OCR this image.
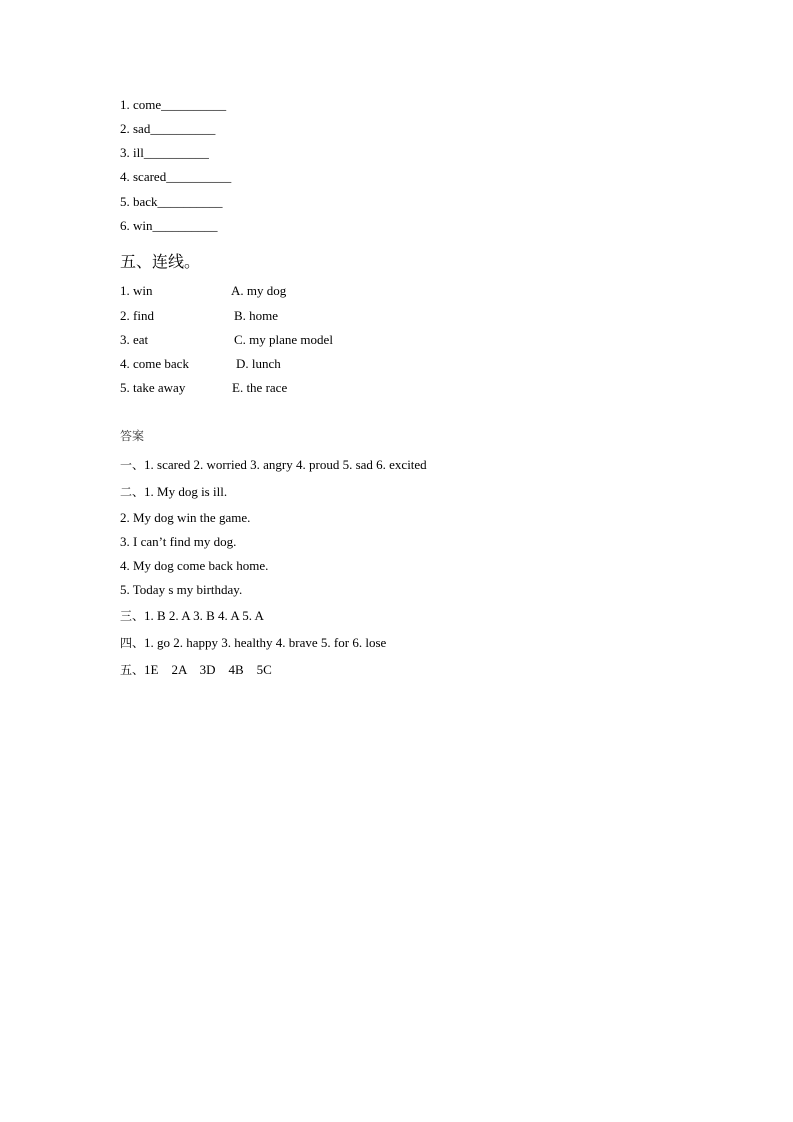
1. come__________
2. sad__________
3. ill__________
4. scared__________
5. back__________
6. win__________
五、连线。
1. win
2. find
3. eat
4. come back
5. take away
A. my dog
B. home
C. my plane model
D. lunch
E. the race
答案
一、1. scared 2. worried 3. angry 4. proud 5. sad 6. excited
二、1. My dog is ill.
2. My dog win the game.
3. I can’t find my dog.
4. My dog come back home.
5. Today s my birthday.
三、1. B 2. A 3. B 4. A 5. A
四、1. go 2. happy 3. healthy 4. brave 5. for 6. lose
五、1E    2A    3D    4B    5C
